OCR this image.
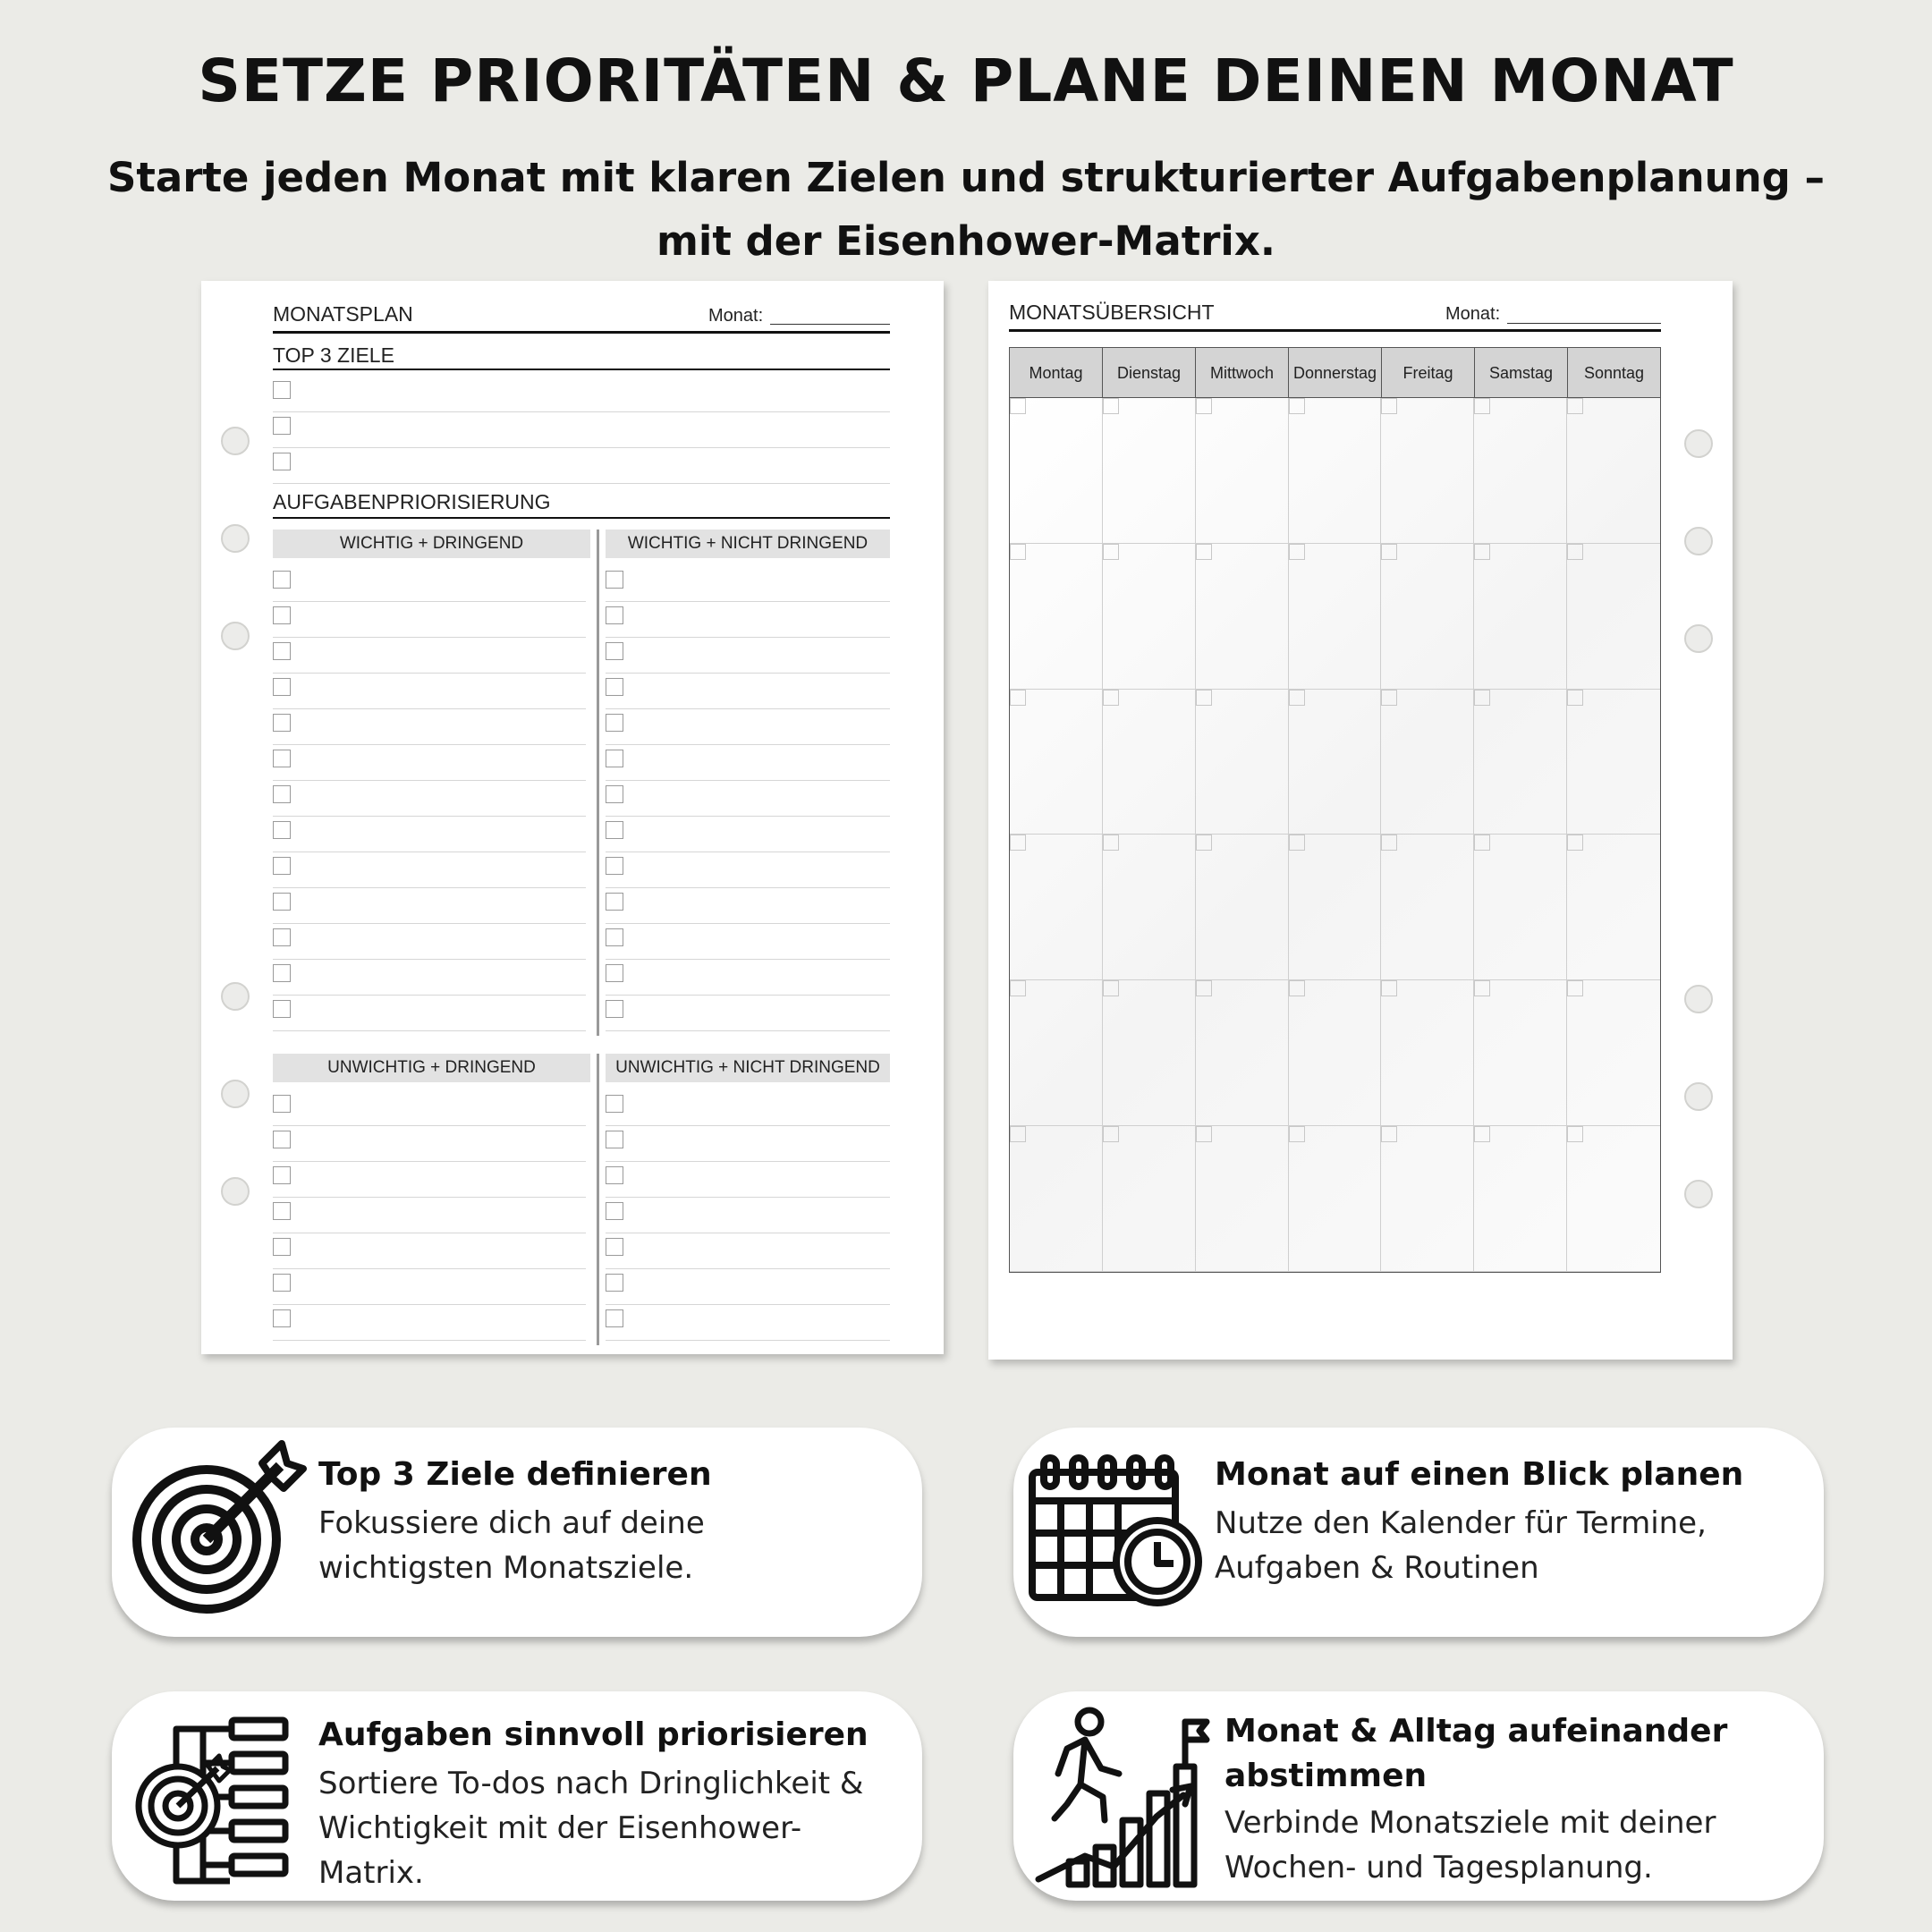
SETZE PRIORITÄTEN & PLANE DEINEN MONAT
Starte jeden Monat mit klaren Zielen und strukturierter Aufgabenplanung –
mit der Eisenhower-Matrix.
MONATSPLAN	Monat:
TOP 3 ZIELE
AUFGABENPRIORISIERUNG
WICHTIG + DRINGEND	WICHTIG + NICHT DRINGEND
UNWICHTIG + DRINGEND	UNWICHTIG + NICHT DRINGEND
MONATSÜBERSICHT	Monat:
Montag	Dienstag	Mittwoch	Donnerstag	Freitag	Samstag	Sonntag
Top 3 Ziele definieren
Fokussiere dich auf deine
wichtigsten Monatsziele.
Monat auf einen Blick planen
Nutze den Kalender für Termine,
Aufgaben & Routinen
Aufgaben sinnvoll priorisieren
Sortiere To-dos nach Dringlichkeit &
Wichtigkeit mit der Eisenhower-
Matrix.
Monat & Alltag aufeinander
abstimmen
Verbinde Monatsziele mit deiner
Wochen- und Tagesplanung.
